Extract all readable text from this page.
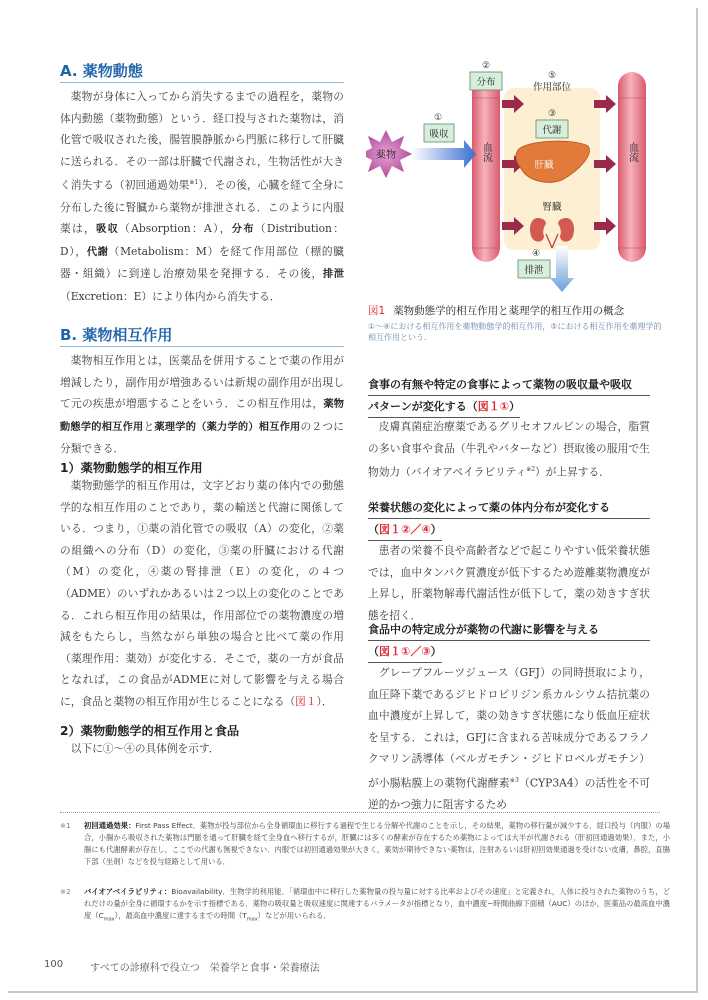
A. 薬物動態

薬物が身体に入ってから消失するまでの過程を，薬物の体内動態（薬物動態）という．経口投与された薬物は，消化管で吸収された後，腸管膜静脈から門脈に移行して肝臓に送られる．その一部は肝臓で代謝され，生物活性が大きく消失する（初回通過効果$^{※1}$）．その後，心臓を経て全身に分布した後に腎臓から薬物が排泄される．このように内服薬は，吸収（Absorption：A），分布（Distribution：D），代謝（Metabolism：M）を経て作用部位（標的臓器・組織）に到達し治療効果を発揮する．その後，排泄（Excretion：E）により体内から消失する．

B. 薬物相互作用

薬物相互作用とは，医薬品を併用することで薬の作用が増減したり，副作用が増強あるいは新規の副作用が出現して元の疾患が増悪することをいう．この相互作用は，薬物動態学的相互作用と薬理学的（薬力学的）相互作用の２つに分類できる．

1）薬物動態学的相互作用

薬物動態学的相互作用は，文字どおり薬の体内での動態学的な相互作用のことであり，薬の輸送と代謝に関係している．つまり，①薬の消化管での吸収（A）の変化，②薬の組織への分布（D）の変化，③薬の肝臓における代謝（M）の変化，④薬の腎排泄（E）の変化，の４つ（ADME）のいずれかあるいは２つ以上の変化のことである．これら相互作用の結果は，作用部位での薬物濃度の増減をもたらし，当然ながら単独の場合と比べて薬の作用（薬理作用：薬効）が変化する．そこで，薬の一方が食品となれば，この食品がADMEに対して影響を与える場合に，食品と薬物の相互作用が生じることになる（図１）．

2）薬物動態学的相互作用と食品

以下に①〜④の具体例を示す．

薬物
①
吸収
②
分布
血流	血流
⑤
作用部位
③
代謝
肝臓
腎臓
④
排泄
図1 薬物動態学的相互作用と薬理学的相互作用の概念
①〜④における相互作用を薬物動態学的相互作用，⑤における相互作用を薬理学的相互作用という．
食事の有無や特定の食事によって薬物の吸収量や吸収
パターンが変化する（図１①）

皮膚真菌症治療薬であるグリセオフルビンの場合，脂質の多い食事や食品（牛乳やバターなど）摂取後の服用で生物効力（バイオアベイラビリティ$^{※2}$）が上昇する．

栄養状態の変化によって薬の体内分布が変化する
（図１②／④）

患者の栄養不良や高齢者などで起こりやすい低栄養状態では，血中タンパク質濃度が低下するため遊離薬物濃度が上昇し，肝薬物解毒代謝活性が低下して，薬の効きすぎ状態を招く．

食品中の特定成分が薬物の代謝に影響を与える
（図１①／③）

グレープフルーツジュース（GFJ）の同時摂取により，血圧降下薬であるジヒドロピリジン系カルシウム拮抗薬の血中濃度が上昇して，薬の効きすぎ状態になり低血圧症状を呈する．これは，GFJに含まれる苦味成分であるフラノクマリン誘導体（ベルガモチン・ジヒドロベルガモチン）が小腸粘膜上の薬物代謝酵素$^{※3}$（CYP3A4）の活性を不可逆的かつ強力に阻害するため

※1 初回通過効果：First Pass Effect．薬物が投与部位から全身循環血に移行する過程で生じる分解や代謝のことを示し，その結果，薬物の移行量が減少する．経口投与（内服）の場合，小腸から吸収された薬物は門脈を通って肝臓を経て全身血へ移行するが，肝臓には多くの酵素が存在するため薬物によっては大半が代謝される（肝初回通過効果）．また，小腸にも代謝酵素が存在し，ここでの代謝も無視できない．内服では初回通過効果が大きく，薬効が期待できない薬物は，注射あるいは肝初回効果通過を受けない皮膚，鼻腔，直腸下部（坐剤）などを投与経路として用いる．
※2 バイオアベイラビリティ：Bioavailability．生物学的利用能．「循環血中に移行した薬物量の投与量に対する比率およびその速度」と定義され，人体に投与された薬物のうち，どれだけの量が全身に循環するかを示す指標である．薬物の吸収量と吸収速度に関連するパラメータが指標となり，血中濃度−時間曲線下面積（AUC）のほか，医薬品の最高血中濃度$(C_{max})$，最高血中濃度に達するまでの時間$(T_{max})$などが用いられる．
100	すべての診療科で役立つ　栄養学と食事・栄養療法
